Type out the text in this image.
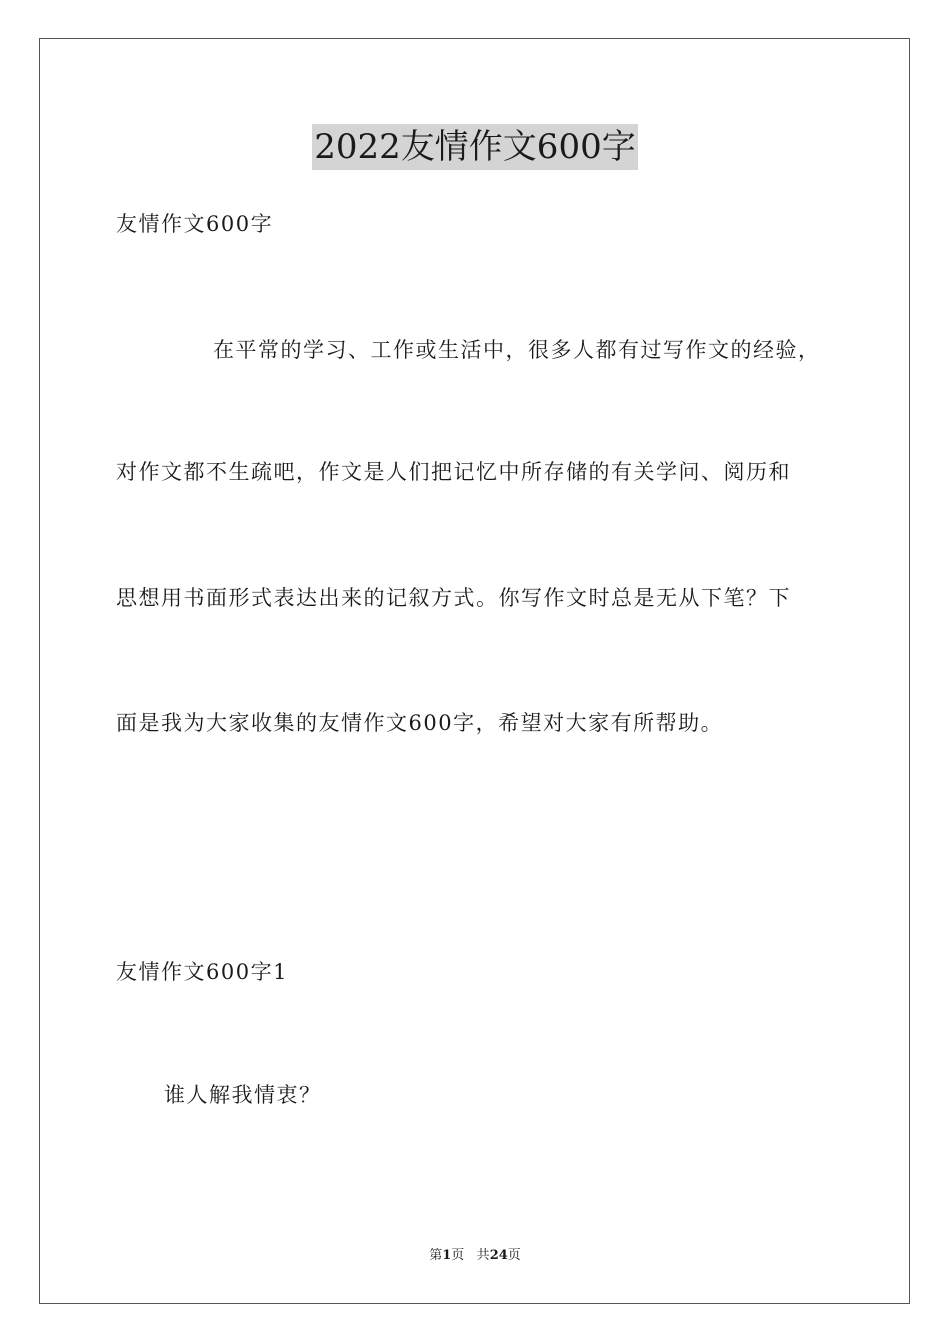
2022友情作文600字
友情作文600字
在平常的学习、工作或生活中，很多人都有过写作文的经验，
对作文都不生疏吧，作文是人们把记忆中所存储的有关学问、阅历和
思想用书面形式表达出来的记叙方式。你写作文时总是无从下笔？下
面是我为大家收集的友情作文600字，希望对大家有所帮助。
友情作文600字1
谁人解我情衷？
第1页 共24页
